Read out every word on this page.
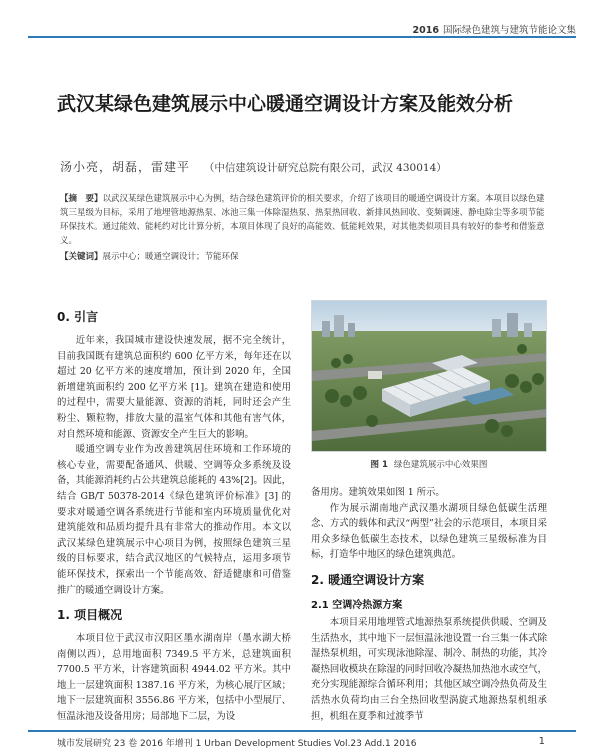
2016 国际绿色建筑与建筑节能论文集
武汉某绿色建筑展示中心暖通空调设计方案及能效分析
汤小亮，胡磊，雷建平 （中信建筑设计研究总院有限公司，武汉 430014）

【摘　要】以武汉某绿色建筑展示中心为例，结合绿色建筑评价的相关要求，介绍了该项目的暖通空调设计方案。本项目以绿色建筑三星级为目标，采用了地埋管地源热泵、冰池三集一体除湿热泵、热泵热回收、新排风热回收、变频调速、静电除尘等多项节能环保技术。通过能效、能耗约对比计算分析，本项目体现了良好的高能效、低能耗效果，对其他类似项目具有较好的参考和借鉴意义。

【关键词】展示中心；暖通空调设计；节能环保

0. 引言

近年来，我国城市建设快速发展，据不完全统计，目前我国既有建筑总面积约 600 亿平方米，每年还在以超过 20 亿平方米的速度增加，预计到 2020 年，全国新增建筑面积约 200 亿平方米 [1]。建筑在建造和使用的过程中，需要大量能源、资源的消耗，同时还会产生粉尘、颗粒物，排放大量的温室气体和其他有害气体，对自然环境和能源、资源安全产生巨大的影响。

暖通空调专业作为改善建筑居住环境和工作环境的核心专业，需要配备通风、供暖、空调等众多系统及设备，其能源消耗约占公共建筑总能耗的 43%[2]。因此，结合 GB/T 50378-2014《绿色建筑评价标准》[3] 的要求对暖通空调各系统进行节能和室内环境质量优化对建筑能效和品质均提升具有非常大的推动作用。本文以武汉某绿色建筑展示中心项目为例，按照绿色建筑三星级的目标要求，结合武汉地区的气候特点，运用多项节能环保技术，探索出一个节能高效、舒适健康和可借鉴推广的暖通空调设计方案。

1. 项目概况

本项目位于武汉市汉阳区墨水湖南岸（墨水湖大桥南侧以西），总用地面积 7349.5 平方米，总建筑面积 7700.5 平方米，计容建筑面积 4944.02 平方米。其中地上一层建筑面积 1387.16 平方米，为核心展厅区域；地下一层建筑面积 3556.86 平方米，包括中小型展厅、恒温泳池及设备用房；局部地下二层，为设

图 1 绿色建筑展示中心效果图

备用房。建筑效果如图 1 所示。

作为展示湖南地产武汉墨水湖项目绿色低碳生活理念、方式的载体和武汉“两型”社会的示范项目，本项目采用众多绿色低碳生态技术，以绿色建筑三星级标准为目标，打造华中地区的绿色建筑典范。

2. 暖通空调设计方案
2.1 空调冷热源方案

本项目采用地埋管式地源热泵系统提供供暖、空调及生活热水，其中地下一层恒温泳池设置一台三集一体式除湿热泵机组，可实现泳池除湿、制冷、制热的功能，其冷凝热回收模块在除湿的同时回收冷凝热加热池水或空气，充分实现能源综合循环利用；其他区域空调冷热负荷及生活热水负荷均由三台全热回收型涡旋式地源热泵机组承担，机组在夏季和过渡季节

城市发展研究 23 卷 2016 年增刊 1 Urban Development Studies Vol.23 Add.1 2016	1
